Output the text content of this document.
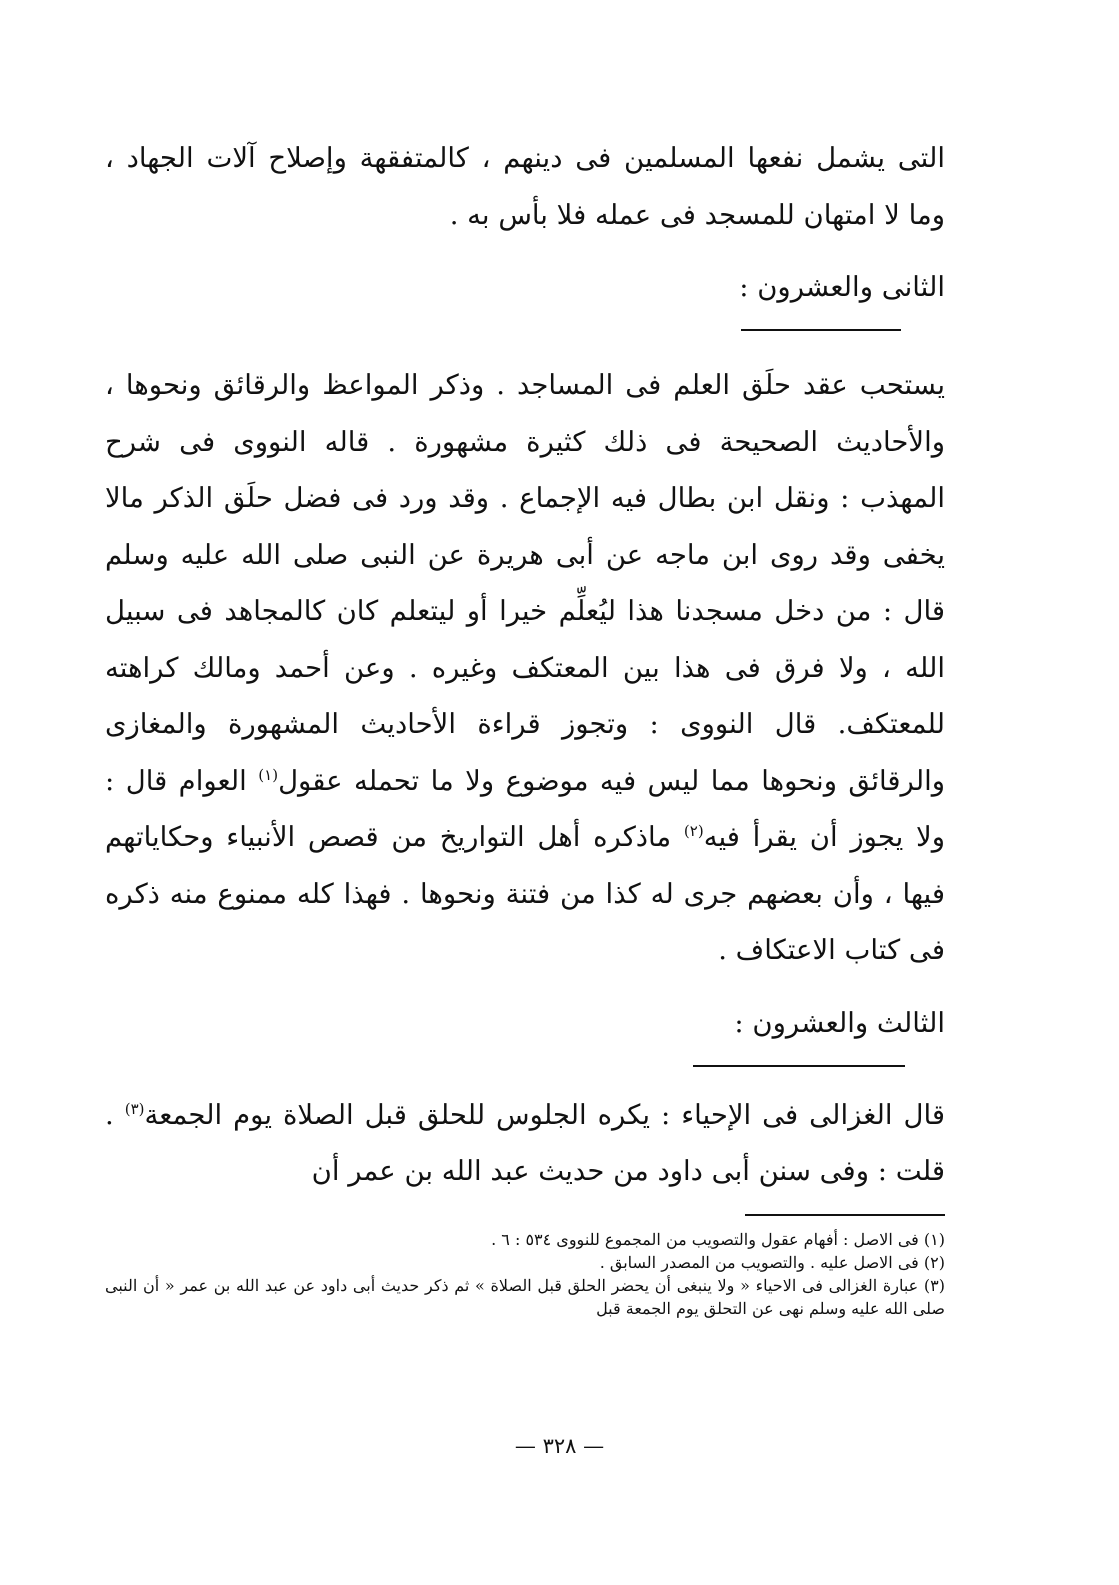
التى يشمل نفعها المسلمين فى دينهم ، كالمتفقهة وإصلاح آلات الجهاد ، وما لا امتهان للمسجد فى عمله فلا بأس به .

الثانى والعشرون :

يستحب عقد حلَق العلم فى المساجد . وذكر المواعظ والرقائق ونحوها ، والأحاديث الصحيحة فى ذلك كثيرة مشهورة . قاله النووى فى شرح المهذب : ونقل ابن بطال فيه الإجماع . وقد ورد فى فضل حلَق الذكر مالا يخفى وقد روى ابن ماجه عن أبى هريرة عن النبى صلى الله عليه وسلم قال : من دخل مسجدنا هذا ليُعلِّم خيرا أو ليتعلم كان كالمجاهد فى سبيل الله ، ولا فرق فى هذا بين المعتكف وغيره . وعن أحمد ومالك كراهته للمعتكف. قال النووى : وتجوز قراءة الأحاديث المشهورة والمغازى والرقائق ونحوها مما ليس فيه موضوع ولا ما تحمله عقول$^{(١)}$ العوام قال : ولا يجوز أن يقرأ فيه$^{(٢)}$ ماذكره أهل التواريخ من قصص الأنبياء وحكاياتهم فيها ، وأن بعضهم جرى له كذا من فتنة ونحوها . فهذا كله ممنوع منه ذكره فى كتاب الاعتكاف .

الثالث والعشرون :

قال الغزالى فى الإحياء : يكره الجلوس للحلق قبل الصلاة يوم الجمعة$^{(٣)}$ . قلت : وفى سنن أبى داود من حديث عبد الله بن عمر أن

(١) فى الاصل : أفهام عقول والتصويب من المجموع للنووى ٥٣٤ : ٦ .
(٢) فى الاصل عليه . والتصويب من المصدر السابق .
(٣) عبارة الغزالى فى الاحياء « ولا ينبغى أن يحضر الحلق قبل الصلاة » ثم ذكر حديث أبى داود عن عبد الله بن عمر « أن النبى صلى الله عليه وسلم نهى عن التحلق يوم الجمعة قبل
— ٣٢٨ —
